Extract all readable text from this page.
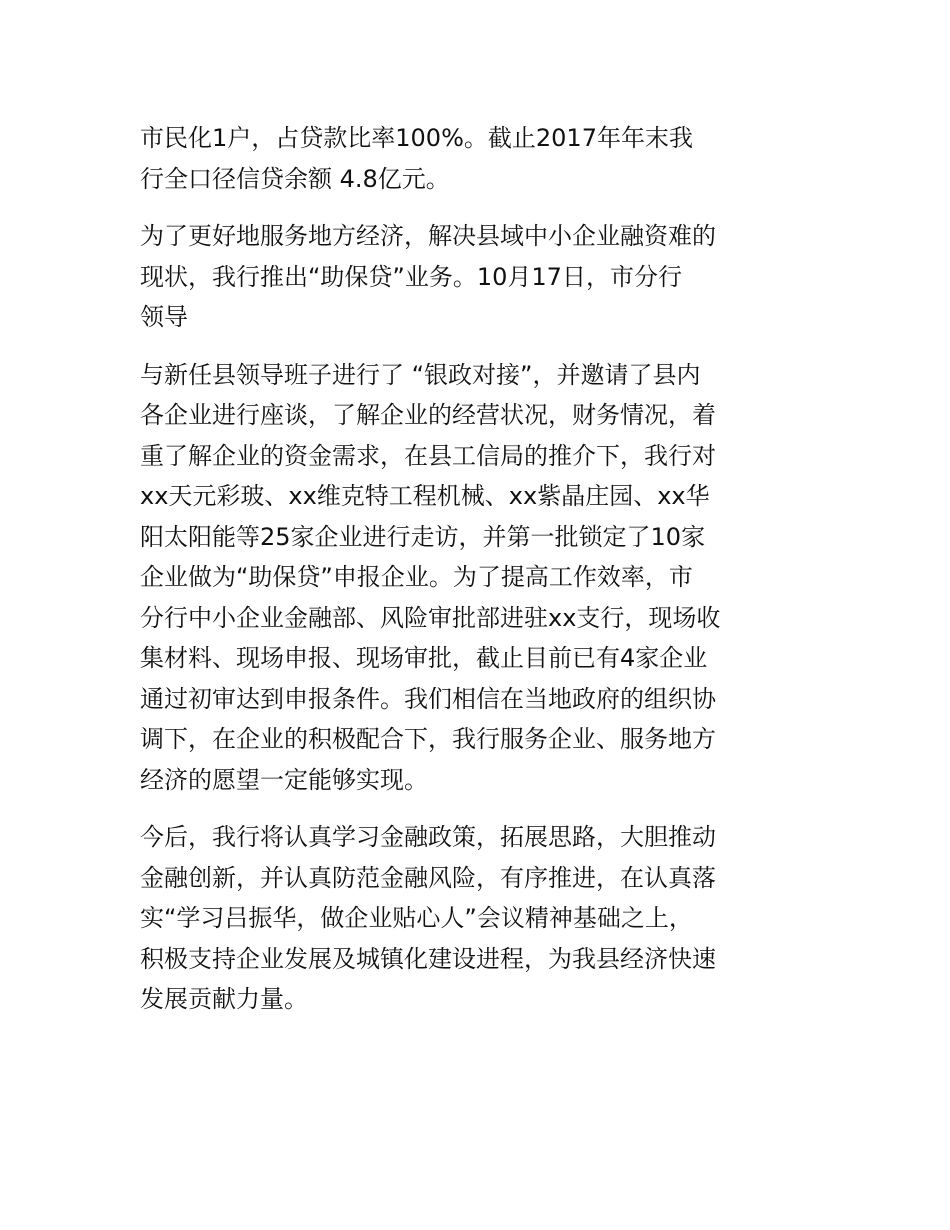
市民化1户，占贷款比率100%。截止2017年年末我
行全口径信贷余额 4.8亿元。

为了更好地服务地方经济，解决县域中小企业融资难的
现状，我行推出“助保贷”业务。10月17日，市分行
领导

与新任县领导班子进行了 “银政对接”，并邀请了县内
各企业进行座谈，了解企业的经营状况，财务情况，着
重了解企业的资金需求，在县工信局的推介下，我行对
xx天元彩玻、xx维克特工程机械、xx紫晶庄园、xx华
阳太阳能等25家企业进行走访，并第一批锁定了10家
企业做为“助保贷”申报企业。为了提高工作效率，市
分行中小企业金融部、风险审批部进驻xx支行，现场收
集材料、现场申报、现场审批，截止目前已有4家企业
通过初审达到申报条件。我们相信在当地政府的组织协
调下，在企业的积极配合下，我行服务企业、服务地方
经济的愿望一定能够实现。

今后，我行将认真学习金融政策，拓展思路，大胆推动
金融创新，并认真防范金融风险，有序推进，在认真落
实“学习吕振华，做企业贴心人”会议精神基础之上，
积极支持企业发展及城镇化建设进程，为我县经济快速
发展贡献力量。
